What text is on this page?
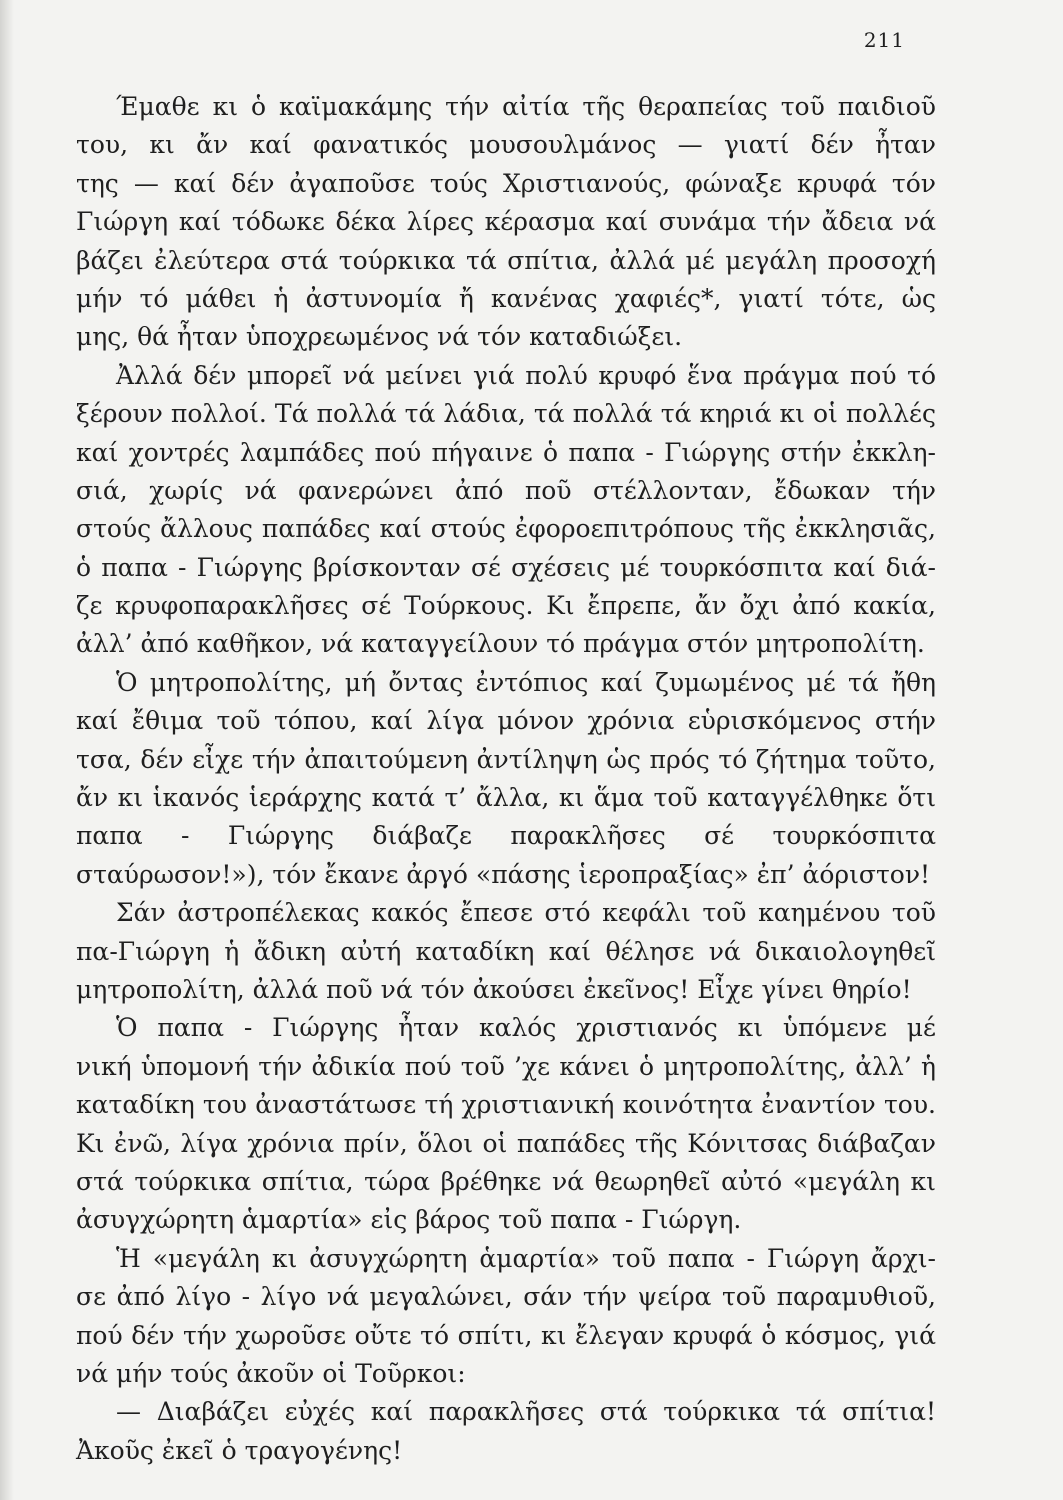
211
Έμαθε κι ὁ καϊμακάμης τήν αἰτία τῆς θεραπείας τοῦ παιδιοῦ
του, κι ἄν καί φανατικός μουσουλμάνος — γιατί δέν ἦταν
της — καί δέν ἀγαποῦσε τούς Χριστιανούς, φώναξε κρυφά τόν
Γιώργη καί τόδωκε δέκα λίρες κέρασμα καί συνάμα τήν ἄδεια νά
βάζει ἐλεύτερα στά τούρκικα τά σπίτια, ἀλλά μέ μεγάλη προσοχή
μήν τό μάθει ἡ ἀστυνομία ἤ κανένας χαφιές*, γιατί τότε, ὡς
μης, θά ἦταν ὑποχρεωμένος νά τόν καταδιώξει.
Ἀλλά δέν μπορεῖ νά μείνει γιά πολύ κρυφό ἕνα πράγμα πού τό
ξέρουν πολλοί. Τά πολλά τά λάδια, τά πολλά τά κηριά κι οἱ πολλές
καί χοντρές λαμπάδες πού πήγαινε ὁ παπα - Γιώργης στήν ἐκκλη-
σιά, χωρίς νά φανερώνει ἀπό ποῦ στέλλονταν, ἔδωκαν τήν
στούς ἄλλους παπάδες καί στούς ἐφοροεπιτρόπους τῆς ἐκκλησιᾶς,
ὁ παπα - Γιώργης βρίσκονταν σέ σχέσεις μέ τουρκόσπιτα καί διά-
ζε κρυφοπαρακλῆσες σέ Τούρκους. Κι ἔπρεπε, ἄν ὄχι ἀπό κακία,
ἀλλ’ ἀπό καθῆκον, νά καταγγείλουν τό πράγμα στόν μητροπολίτη.
Ὁ μητροπολίτης, μή ὄντας ἐντόπιος καί ζυμωμένος μέ τά ἤθη
καί ἔθιμα τοῦ τόπου, καί λίγα μόνον χρόνια εὑρισκόμενος στήν
τσα, δέν εἶχε τήν ἀπαιτούμενη ἀντίληψη ὡς πρός τό ζήτημα τοῦτο,
ἄν κι ἱκανός ἱεράρχης κατά τ’ ἄλλα, κι ἅμα τοῦ καταγγέλθηκε ὅτι
παπα - Γιώργης διάβαζε παρακλῆσες σέ τουρκόσπιτα
σταύρωσον!»), τόν ἔκανε ἀργό «πάσης ἱεροπραξίας» ἐπ’ ἀόριστον!
Σάν ἀστροπέλεκας κακός ἔπεσε στό κεφάλι τοῦ καημένου τοῦ
πα-Γιώργη ἡ ἄδικη αὐτή καταδίκη καί θέλησε νά δικαιολογηθεῖ
μητροπολίτη, ἀλλά ποῦ νά τόν ἀκούσει ἐκεῖνος! Εἶχε γίνει θηρίο!
Ὁ παπα - Γιώργης ἦταν καλός χριστιανός κι ὑπόμενε μέ
νική ὑπομονή τήν ἀδικία πού τοῦ ’χε κάνει ὁ μητροπολίτης, ἀλλ’ ἡ
καταδίκη του ἀναστάτωσε τή χριστιανική κοινότητα ἐναντίον του.
Κι ἐνῶ, λίγα χρόνια πρίν, ὅλοι οἱ παπάδες τῆς Κόνιτσας διάβαζαν
στά τούρκικα σπίτια, τώρα βρέθηκε νά θεωρηθεῖ αὐτό «μεγάλη κι
ἀσυγχώρητη ἁμαρτία» εἰς βάρος τοῦ παπα - Γιώργη.
Ἡ «μεγάλη κι ἀσυγχώρητη ἁμαρτία» τοῦ παπα - Γιώργη ἄρχι-
σε ἀπό λίγο - λίγο νά μεγαλώνει, σάν τήν ψείρα τοῦ παραμυθιοῦ,
πού δέν τήν χωροῦσε οὔτε τό σπίτι, κι ἔλεγαν κρυφά ὁ κόσμος, γιά
νά μήν τούς ἀκοῦν οἱ Τοῦρκοι:
— Διαβάζει εὐχές καί παρακλῆσες στά τούρκικα τά σπίτια!
Ἀκοῦς ἐκεῖ ὁ τραγογένης!
